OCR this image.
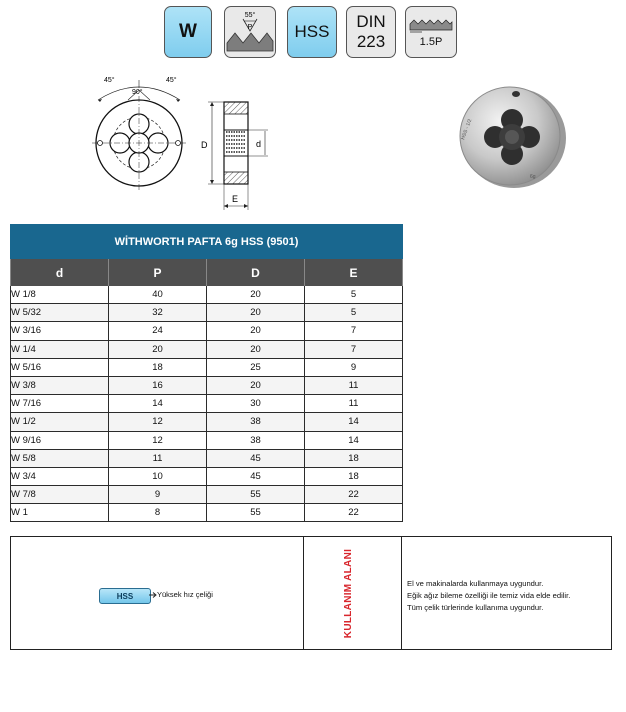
W
55°
P HSS
DIN
223	1.5P
45°	45°
90°
D	d
E
HSS - 1/2
6g
WİTHWORTH PAFTA 6g HSS (9501)			
d	P	D	E
W 1/8	40	20	5
W 5/32	32	20	5
W 3/16	24	20	7
W 1/4	20	20	7
W 5/16	18	25	9
W 3/8	16	20	11
W 7/16	14	30	11
W 1/2	12	38	14
W 9/16	12	38	14
W 5/8	11	45	18
W 3/4	10	45	18
W 7/8	9	55	22
W 1	8	55	22
HSS	Yüksek hız çeliği	KULLANIM ALANI	El ve makinalarda kullanmaya uygundur.
Eğik ağız bileme özelliği ile temiz vida elde edilir.
Tüm çelik türlerinde kullanıma uygundur.
